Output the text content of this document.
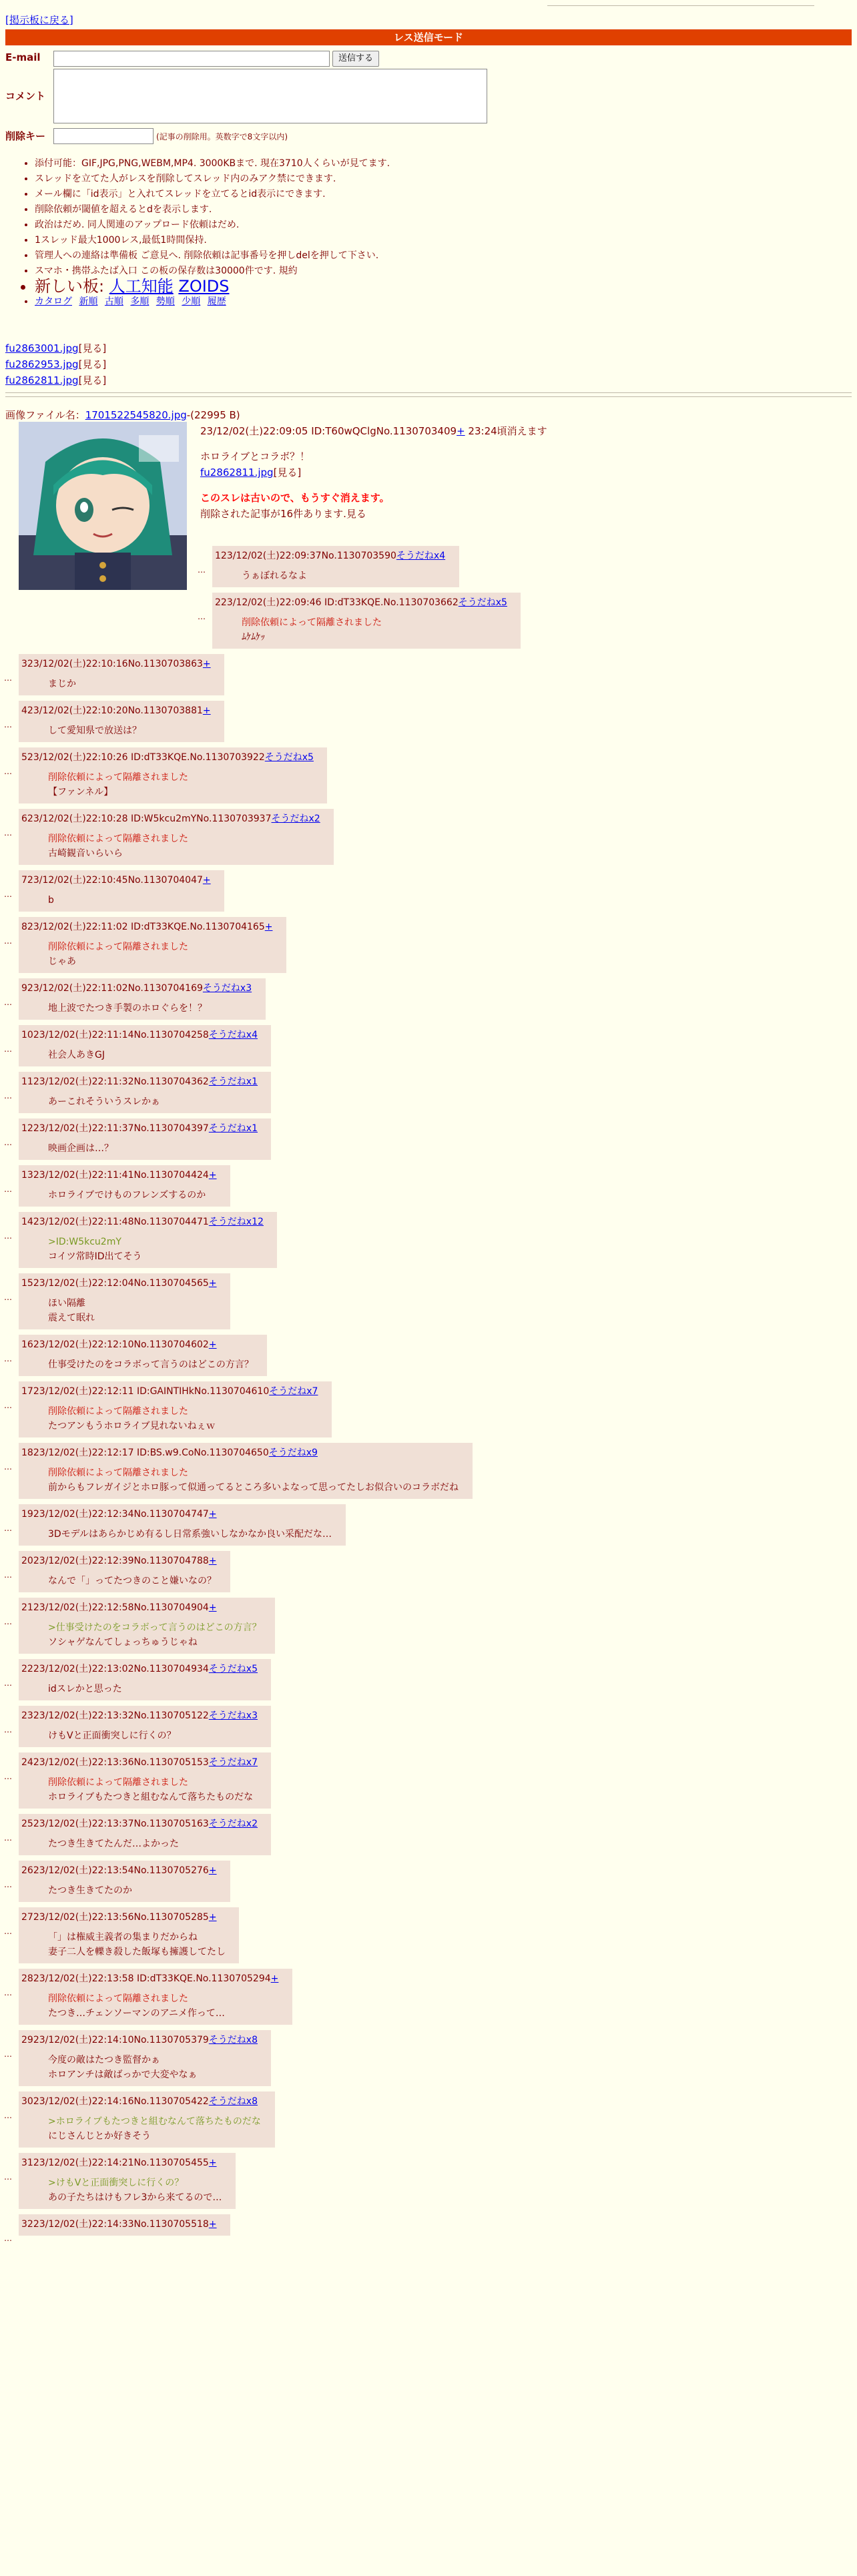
[掲示板に戻る]
レス送信モード
E-mail	送信する
コメント
削除キー	(記事の削除用。英数字で8文字以内)
• 添付可能：GIF,JPG,PNG,WEBM,MP4. 3000KBまで. 現在3710人くらいが見てます.
• スレッドを立てた人がレスを削除してスレッド内のみアク禁にできます.
• メール欄に「id表示」と入れてスレッドを立てるとid表示にできます.
• 削除依頼が閾値を超えるとdを表示します.
• 政治はだめ. 同人関連のアップロード依頼はだめ.
• 1スレッド最大1000レス,最低1時間保持.
• 管理人への連絡は準備板 ご意見へ. 削除依頼は記事番号を押しdelを押して下さい.
• スマホ・携帯ふたば入口 この板の保存数は30000件です. 規約
• 新しい板: 人工知能 ZOIDS
• カタログ 新順 古順 多順 勢順 少順 履歴
fu2863001.jpg[見る]
fu2862953.jpg[見る]
fu2862811.jpg[見る]
画像ファイル名：1701522545820.jpg-(22995 B)
23/12/02(土)22:09:05 ID:T60wQClgNo.1130703409+ 23:24頃消えます
ホロライブとコラボ？！
fu2862811.jpg[見る]
このスレは古いので、もうすぐ消えます。
削除された記事が16件あります.見る
123/12/02(土)22:09:37No.1130703590そうだねx4
うぁぼれるなよ
…
223/12/02(土)22:09:46 ID:dT33KQE.No.1130703662そうだねx5
削除依頼によって隔離されました
ﾑｹﾑｹｯ
…
323/12/02(土)22:10:16No.1130703863+
まじか
…
423/12/02(土)22:10:20No.1130703881+
して愛知県で放送は？
…
523/12/02(土)22:10:26 ID:dT33KQE.No.1130703922そうだねx5
削除依頼によって隔離されました
【ファンネル】
…
623/12/02(土)22:10:28 ID:W5kcu2mYNo.1130703937そうだねx2
削除依頼によって隔離されました
古崎観音いらいら
…
723/12/02(土)22:10:45No.1130704047+
b
…
823/12/02(土)22:11:02 ID:dT33KQE.No.1130704165+
削除依頼によって隔離されました
じゃあ
…
923/12/02(土)22:11:02No.1130704169そうだねx3
地上波でたつき手製のホロぐらを！？
…
1023/12/02(土)22:11:14No.1130704258そうだねx4
社会人あきGJ
…
1123/12/02(土)22:11:32No.1130704362そうだねx1
あーこれそういうスレかぁ
…
1223/12/02(土)22:11:37No.1130704397そうだねx1
映画企画は…？
…
1323/12/02(土)22:11:41No.1130704424+
ホロライブでけものフレンズするのか
…
1423/12/02(土)22:11:48No.1130704471そうだねx12
>ID:W5kcu2mY
コイツ常時ID出てそう
…
1523/12/02(土)22:12:04No.1130704565+
ほい隔離
震えて眠れ
…
1623/12/02(土)22:12:10No.1130704602+
仕事受けたのをコラボって言うのはどこの方言？
…
1723/12/02(土)22:12:11 ID:GAINTIHkNo.1130704610そうだねx7
削除依頼によって隔離されました
たつアンもうホロライブ見れないねぇｗ
…
1823/12/02(土)22:12:17 ID:BS.w9.CoNo.1130704650そうだねx9
削除依頼によって隔離されました
前からもフレガイジとホロ豚って似通ってるところ多いよなって思ってたしお似合いのコラボだね
…
1923/12/02(土)22:12:34No.1130704747+
3Dモデルはあらかじめ有るし日常系強いしなかなか良い采配だな…
…
2023/12/02(土)22:12:39No.1130704788+
なんで「」ってたつきのこと嫌いなの？
…
2123/12/02(土)22:12:58No.1130704904+
>仕事受けたのをコラボって言うのはどこの方言？
ソシャゲなんてしょっちゅうじゃね
…
2223/12/02(土)22:13:02No.1130704934そうだねx5
idスレかと思った
…
2323/12/02(土)22:13:32No.1130705122そうだねx3
けもVと正面衝突しに行くの？
…
2423/12/02(土)22:13:36No.1130705153そうだねx7
削除依頼によって隔離されました
ホロライブもたつきと組むなんて落ちたものだな
…
2523/12/02(土)22:13:37No.1130705163そうだねx2
たつき生きてたんだ…よかった
…
2623/12/02(土)22:13:54No.1130705276+
たつき生きてたのか
…
2723/12/02(土)22:13:56No.1130705285+
「」は権威主義者の集まりだからね
妻子二人を轢き殺した飯塚も擁護してたし
…
2823/12/02(土)22:13:58 ID:dT33KQE.No.1130705294+
削除依頼によって隔離されました
たつき…チェンソーマンのアニメ作って…
…
2923/12/02(土)22:14:10No.1130705379そうだねx8
今度の敵はたつき監督かぁ
ホロアンチは敵ばっかで大変やなぁ
…
3023/12/02(土)22:14:16No.1130705422そうだねx8
>ホロライブもたつきと組むなんて落ちたものだな
にじさんじとか好きそう
…
3123/12/02(土)22:14:21No.1130705455+
>けもVと正面衝突しに行くの？
あの子たちはけもフレ3から来てるので…
…
3223/12/02(土)22:14:33No.1130705518+
…
